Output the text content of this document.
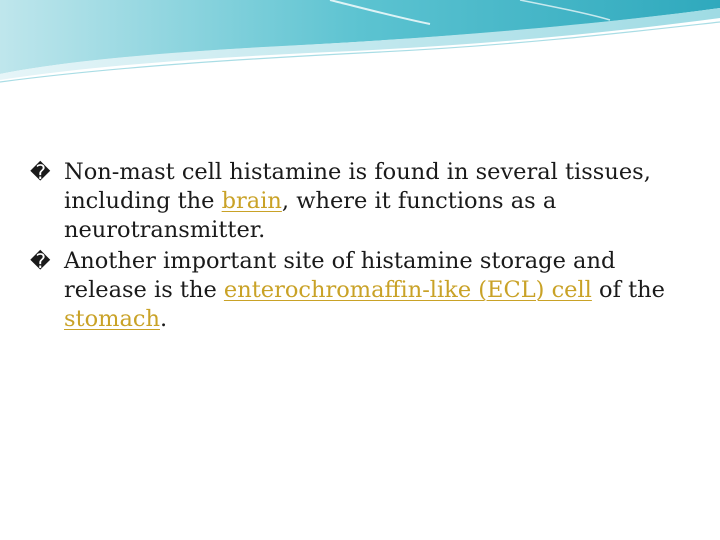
� Non-mast cell histamine is found in several tissues, including the brain, where it functions as a neurotransmitter.

� Another important site of histamine storage and release is the enterochromaffin-like (ECL) cell of the stomach.
